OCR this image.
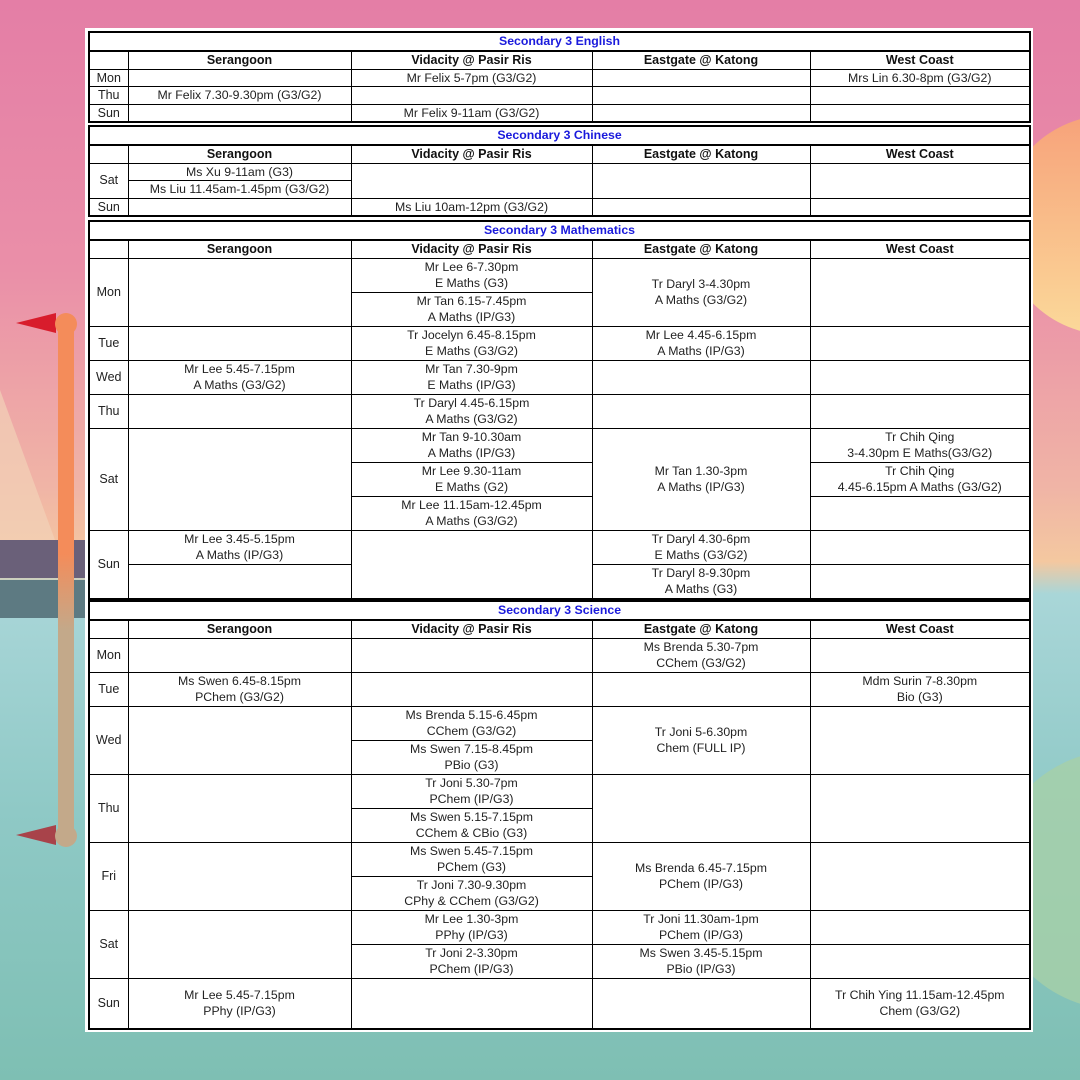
Secondary 3 English				
	Serangoon	Vidacity @ Pasir Ris	Eastgate @ Katong	West Coast
Mon		Mr Felix 5-7pm (G3/G2)		Mrs Lin 6.30-8pm (G3/G2)
Thu	Mr Felix 7.30-9.30pm (G3/G2)			
Sun		Mr Felix 9-11am (G3/G2)		
Secondary 3 Chinese				
	Serangoon	Vidacity @ Pasir Ris	Eastgate @ Katong	West Coast
Sat	Ms Xu 9-11am (G3)			
	Ms Liu 11.45am-1.45pm (G3/G2)			
Sun		Ms Liu 10am-12pm (G3/G2)		
Secondary 3 Mathematics				
	Serangoon	Vidacity @ Pasir Ris	Eastgate @ Katong	West Coast
Mon		Mr Lee 6-7.30pm
E Maths (G3)	Tr Daryl 3-4.30pm
A Maths (G3/G2)	

		Mr Tan 6.15-7.45pm
A Maths (IP/G3)		

Tue		Tr Jocelyn 6.45-8.15pm
E Maths (G3/G2)	Mr Lee 4.45-6.15pm
A Maths (IP/G3)	

Wed	Mr Lee 5.45-7.15pm
A Maths (G3/G2)	Mr Tan 7.30-9pm
E Maths (IP/G3)		

Thu		Tr Daryl 4.45-6.15pm
A Maths (G3/G2)		

Sat		Mr Tan 9-10.30am
A Maths (IP/G3)	Mr Tan 1.30-3pm
A Maths (IP/G3)	Tr Chih Qing
3-4.30pm E Maths(G3/G2)

		Mr Lee 9.30-11am
E Maths (G2)		Tr Chih Qing
4.45-6.15pm A Maths (G3/G2)

		Mr Lee 11.15am-12.45pm
A Maths (G3/G2)		

Sun	Mr Lee 3.45-5.15pm
A Maths (IP/G3)		Tr Daryl 4.30-6pm
E Maths (G3/G2)	

			Tr Daryl 8-9.30pm
A Maths (G3)	

Secondary 3 Science				
	Serangoon	Vidacity @ Pasir Ris	Eastgate @ Katong	West Coast
Mon			Ms Brenda 5.30-7pm
CChem (G3/G2)	

Tue	Ms Swen 6.45-8.15pm
PChem (G3/G2)			Mdm Surin 7-8.30pm
Bio (G3)

Wed		Ms Brenda 5.15-6.45pm
CChem (G3/G2)	Tr Joni 5-6.30pm
Chem (FULL IP)	

		Ms Swen 7.15-8.45pm
PBio (G3)		

Thu		Tr Joni 5.30-7pm
PChem (IP/G3)		

		Ms Swen 5.15-7.15pm
CChem & CBio (G3)		

Fri		Ms Swen 5.45-7.15pm
PChem (G3)	Ms Brenda 6.45-7.15pm
PChem (IP/G3)	

		Tr Joni 7.30-9.30pm
CPhy & CChem (G3/G2)		

Sat		Mr Lee 1.30-3pm
PPhy (IP/G3)	Tr Joni 11.30am-1pm
PChem (IP/G3)	

		Tr Joni 2-3.30pm
PChem (IP/G3)	Ms Swen 3.45-5.15pm
PBio (IP/G3)	

Sun	Mr Lee 5.45-7.15pm
PPhy (IP/G3)			Tr Chih Ying 11.15am-12.45pm
Chem (G3/G2)
